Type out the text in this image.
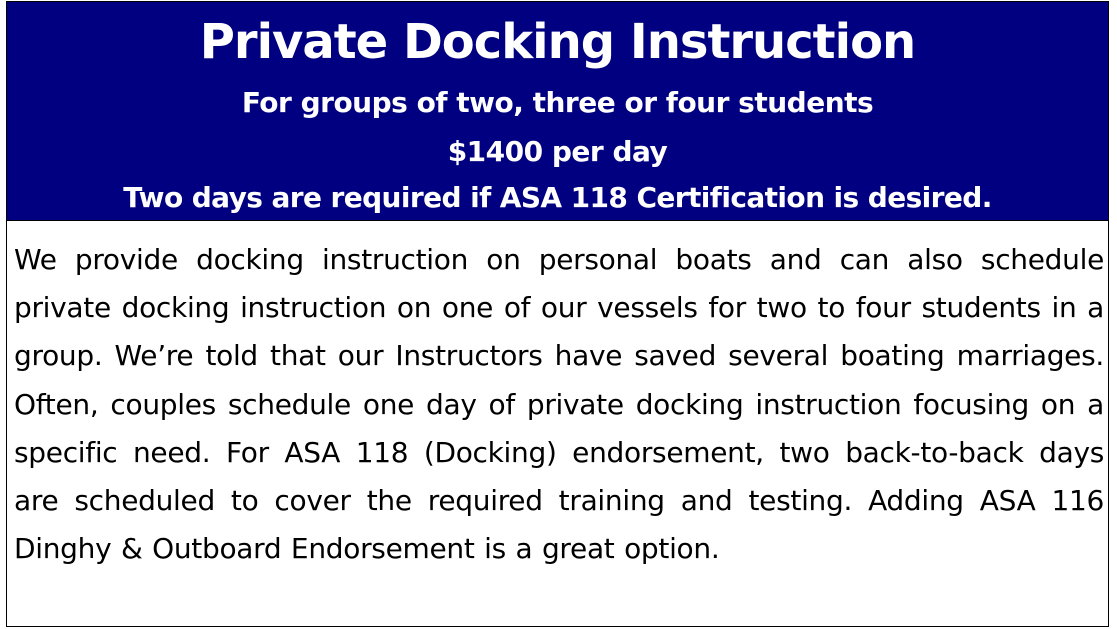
Private Docking Instruction
For groups of two, three or four students
$1400 per day
Two days are required if ASA 118 Certification is desired.

We provide docking instruction on personal boats and can also schedule private docking instruction on one of our vessels for two to four students in a group. We’re told that our Instructors have saved several boating marriages. Often, couples schedule one day of private docking instruction focusing on a specific need. For ASA 118 (Docking) endorsement, two back-to-back days are scheduled to cover the required training and testing. Adding ASA 116 Dinghy & Outboard Endorsement is a great option.
